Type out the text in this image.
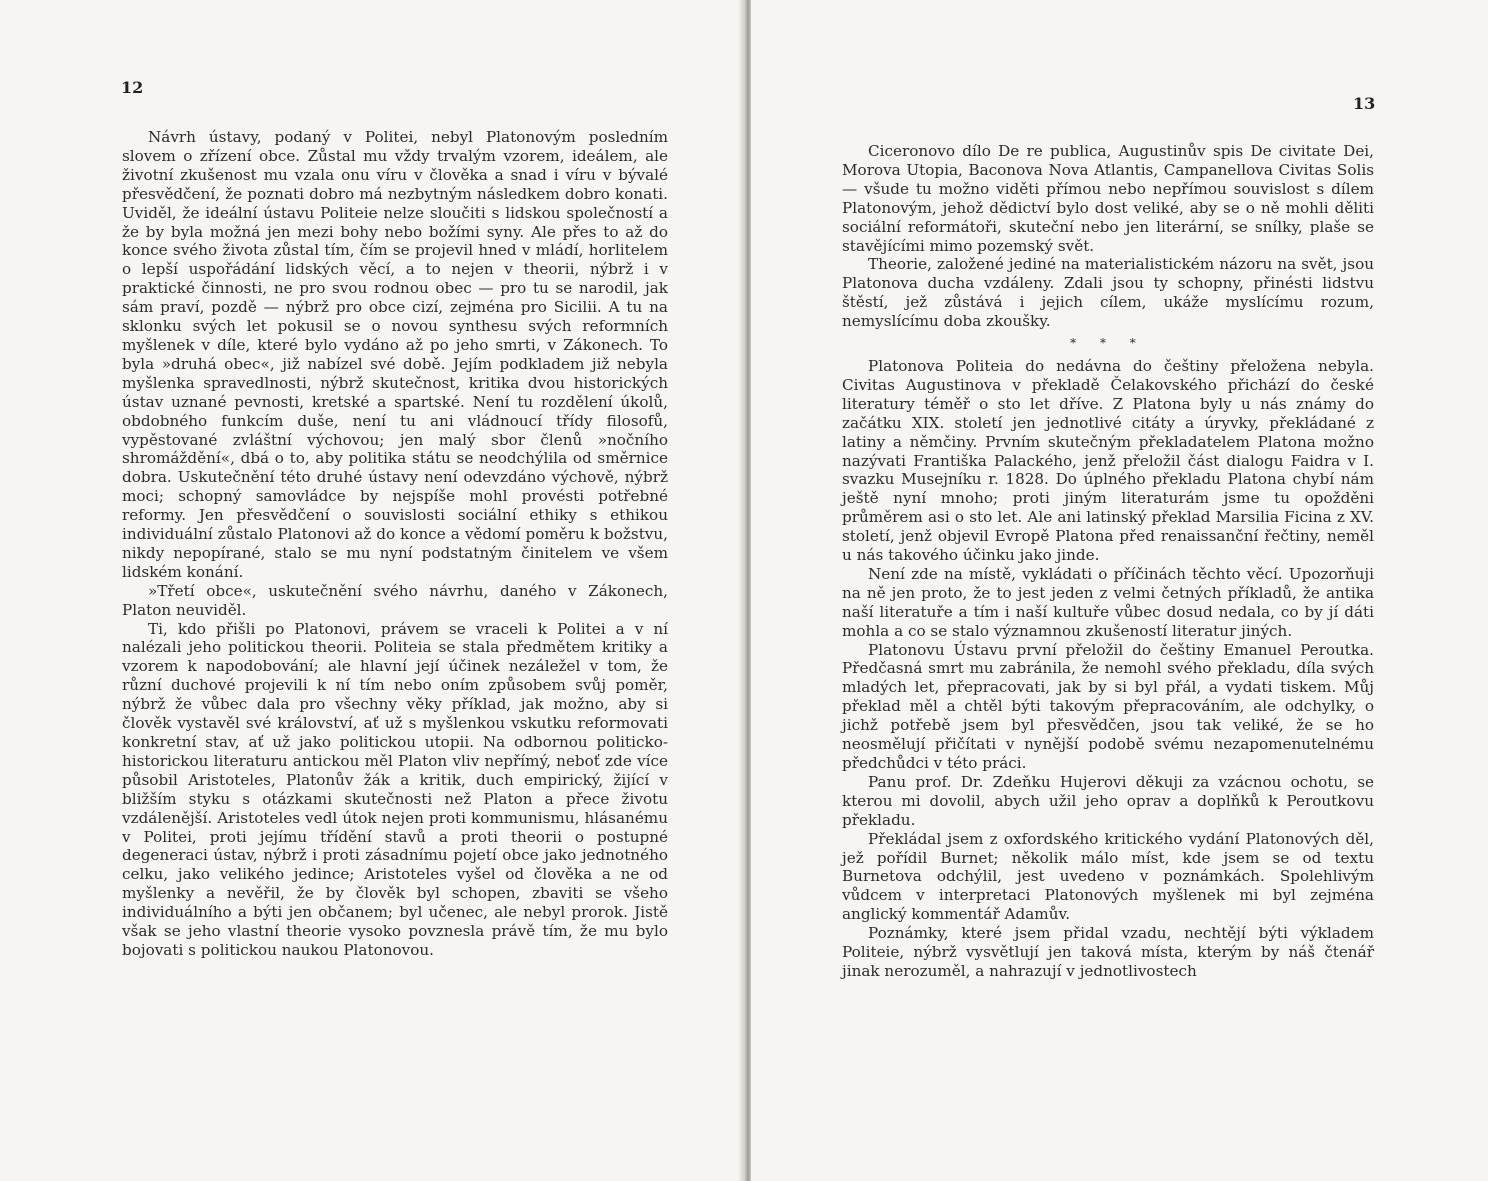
12

Návrh ústavy, podaný v Politei, nebyl Platonovým posledním slovem o zřízení obce. Zůstal mu vždy trvalým vzorem, ideálem, ale životní zkušenost mu vzala onu víru v člověka a snad i víru v bývalé přesvědčení, že poznati dobro má nezbytným následkem dobro konati. Uviděl, že ideální ústavu Politeie nelze sloučiti s lidskou společností a že by byla možná jen mezi bohy nebo božími syny. Ale přes to až do konce svého života zůstal tím, čím se projevil hned v mládí, horlitelem o lepší uspořádání lidských věcí, a to nejen v theorii, nýbrž i v praktické činnosti, ne pro svou rodnou obec — pro tu se narodil, jak sám praví, pozdě — nýbrž pro obce cizí, zejména pro Sicilii. A tu na sklonku svých let pokusil se o novou synthesu svých reformních myšlenek v díle, které bylo vydáno až po jeho smrti, v Zákonech. To byla »druhá obec«, již nabízel své době. Jejím podkladem již nebyla myšlenka spravedlnosti, nýbrž skutečnost, kritika dvou historických ústav uznané pevnosti, kretské a spartské. Není tu rozdělení úkolů, obdobného funkcím duše, není tu ani vládnoucí třídy filosofů, vypěstované zvláštní výchovou; jen malý sbor členů »nočního shromáždění«, dbá o to, aby politika státu se neodchýlila od směrnice dobra. Uskutečnění této druhé ústavy není odevzdáno výchově, nýbrž moci; schopný samovládce by nejspíše mohl provésti potřebné reformy. Jen přesvědčení o souvislosti sociální ethiky s ethikou individuální zůstalo Platonovi až do konce a vědomí poměru k božstvu, nikdy nepopírané, stalo se mu nyní podstatným činitelem ve všem lidském konání.

»Třetí obce«, uskutečnění svého návrhu, daného v Zákonech, Platon neuviděl.

Ti, kdo přišli po Platonovi, právem se vraceli k Politei a v ní nalézali jeho politickou theorii. Politeia se stala předmětem kritiky a vzorem k napodobování; ale hlavní její účinek nezáležel v tom, že různí duchové projevili k ní tím nebo oním způsobem svůj poměr, nýbrž že vůbec dala pro všechny věky příklad, jak možno, aby si člověk vystavěl své království, ať už s myšlenkou vskutku reformovati konkretní stav, ať už jako politickou utopii. Na odbornou politicko-historickou literaturu antickou měl Platon vliv nepřímý, neboť zde více působil Aristoteles, Platonův žák a kritik, duch empirický, žijící v bližším styku s otázkami skutečnosti než Platon a přece životu vzdálenější. Aristoteles vedl útok nejen proti kommunismu, hlásanému v Politei, proti jejímu třídění stavů a proti theorii o postupné degeneraci ústav, nýbrž i proti zásadnímu pojetí obce jako jednotného celku, jako velikého jedince; Aristoteles vyšel od člověka a ne od myšlenky a nevěřil, že by člověk byl schopen, zbaviti se všeho individuálního a býti jen občanem; byl učenec, ale nebyl prorok. Jistě však se jeho vlastní theorie vysoko povznesla právě tím, že mu bylo bojovati s politickou naukou Platonovou.

13

Ciceronovo dílo De re publica, Augustinův spis De civitate Dei, Morova Utopia, Baconova Nova Atlantis, Campanellova Civitas Solis — všude tu možno viděti přímou nebo nepřímou souvislost s dílem Platonovým, jehož dědictví bylo dost veliké, aby se o ně mohli děliti sociální reformátoři, skuteční nebo jen literární, se snílky, plaše se stavějícími mimo pozemský svět.

Theorie, založené jediné na materialistickém názoru na svět, jsou Platonova ducha vzdáleny. Zdali jsou ty schopny, přinésti lidstvu štěstí, jež zůstává i jejich cílem, ukáže myslícímu rozum, nemyslícímu doba zkoušky.

* * *

Platonova Politeia do nedávna do češtiny přeložena nebyla. Civitas Augustinova v překladě Čelakovského přichází do české literatury téměř o sto let dříve. Z Platona byly u nás známy do začátku XIX. století jen jednotlivé citáty a úryvky, překládané z latiny a němčiny. Prvním skutečným překladatelem Platona možno nazývati Františka Palackého, jenž přeložil část dialogu Faidra v I. svazku Musejníku r. 1828. Do úplného překladu Platona chybí nám ještě nyní mnoho; proti jiným literaturám jsme tu opožděni průměrem asi o sto let. Ale ani latinský překlad Marsilia Ficina z XV. století, jenž objevil Evropě Platona před renaissanční řečtiny, neměl u nás takového účinku jako jinde.

Není zde na místě, vykládati o příčinách těchto věcí. Upozorňuji na ně jen proto, že to jest jeden z velmi četných příkladů, že antika naší literatuře a tím i naší kultuře vůbec dosud nedala, co by jí dáti mohla a co se stalo významnou zkušeností literatur jiných.

Platonovu Ústavu první přeložil do češtiny Emanuel Peroutka. Předčasná smrt mu zabránila, že nemohl svého překladu, díla svých mladých let, přepracovati, jak by si byl přál, a vydati tiskem. Můj překlad měl a chtěl býti takovým přepracováním, ale odchylky, o jichž potřebě jsem byl přesvědčen, jsou tak veliké, že se ho neosmělují přičítati v nynější podobě svému nezapomenutelnému předchůdci v této práci.

Panu prof. Dr. Zdeňku Hujerovi děkuji za vzácnou ochotu, se kterou mi dovolil, abych užil jeho oprav a doplňků k Peroutkovu překladu.

Překládal jsem z oxfordského kritického vydání Platonových děl, jež pořídil Burnet; několik málo míst, kde jsem se od textu Burnetova odchýlil, jest uvedeno v poznámkách. Spolehlivým vůdcem v interpretaci Platonových myšlenek mi byl zejména anglický kommentář Adamův.

Poznámky, které jsem přidal vzadu, nechtějí býti výkladem Politeie, nýbrž vysvětlují jen taková místa, kterým by náš čtenář jinak nerozuměl, a nahrazují v jednotlivostech
